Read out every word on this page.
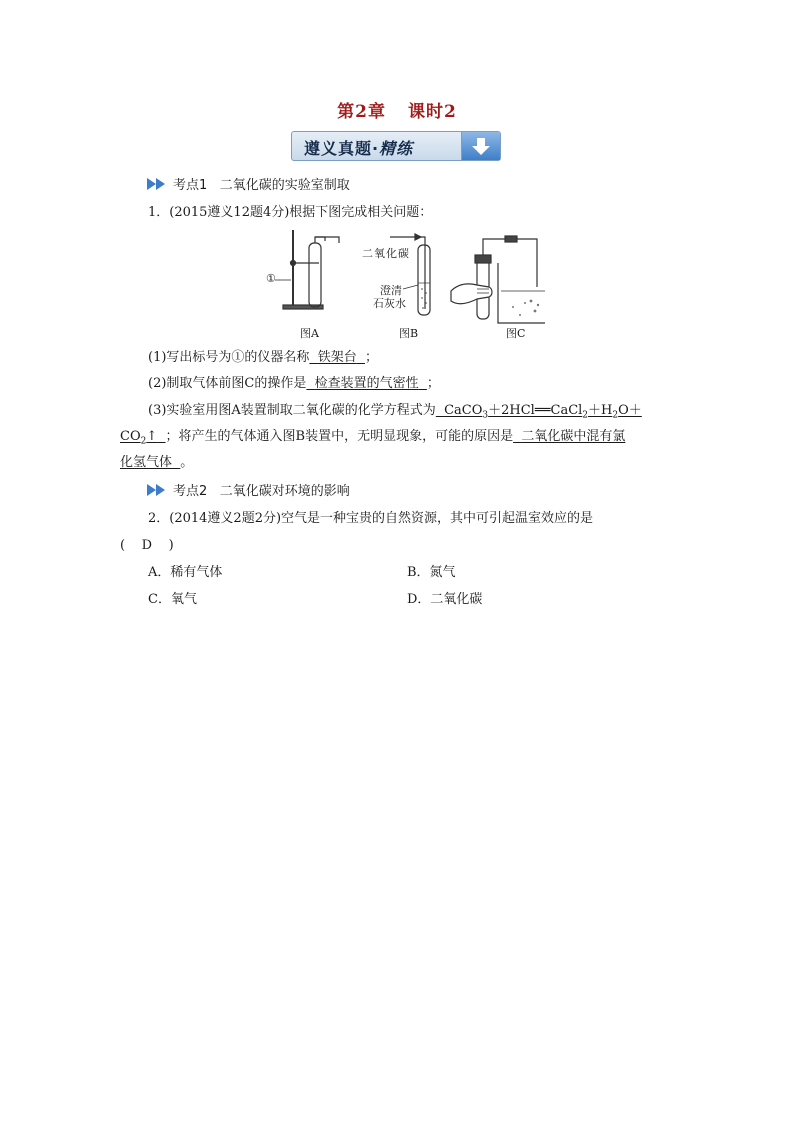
第2章 课时2
遵义真题·精练
考点1 二氧化碳的实验室制取
1．(2015遵义12题4分)根据下图完成相关问题：
①
二氧化碳
澄清
石灰水
图A	图B	图C
(1)写出标号为①的仪器名称 铁架台 ；
(2)制取气体前图C的操作是 检查装置的气密性 ；
(3)实验室用图A装置制取二氧化碳的化学方程式为 $CaCO_3+2HCl══CaCl_2+H_2O+$
$CO_2↑$ ；将产生的气体通入图B装置中，无明显现象，可能的原因是 二氧化碳中混有氯
化氢气体 。
考点2 二氧化碳对环境的影响
2．(2014遵义2题2分)空气是一种宝贵的自然资源，其中可引起温室效应的是
( D )
A．稀有气体	B．氮气
C．氧气	D．二氧化碳
